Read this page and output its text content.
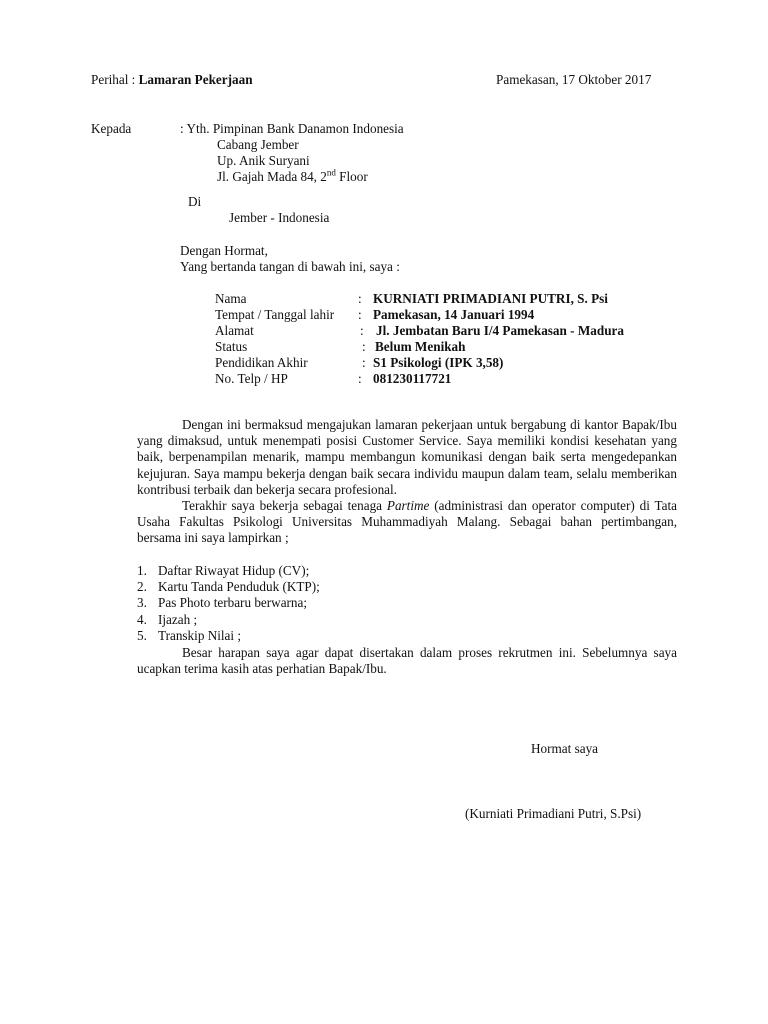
Perihal : Lamaran Pekerjaan	Pamekasan, 17 Oktober 2017
Kepada	: Yth. Pimpinan Bank Danamon Indonesia
Cabang Jember
Up. Anik Suryani
Jl. Gajah Mada 84, 2nd Floor
Di
Jember - Indonesia
Dengan Hormat,
Yang bertanda tangan di bawah ini, saya :
Nama	: KURNIATI PRIMADIANI PUTRI, S. Psi
Tempat / Tanggal lahir : Pamekasan, 14 Januari 1994
Alamat	: Jl. Jembatan Baru I/4 Pamekasan - Madura
Status	: Belum Menikah
Pendidikan Akhir	: S1 Psikologi (IPK 3,58)
No. Telp / HP	: 081230117721

Dengan ini bermaksud mengajukan lamaran pekerjaan untuk bergabung di kantor Bapak/Ibu yang dimaksud, untuk menempati posisi Customer Service. Saya memiliki kondisi kesehatan yang baik, berpenampilan menarik, mampu membangun komunikasi dengan baik serta mengedepankan kejujuran. Saya mampu bekerja dengan baik secara individu maupun dalam team, selalu memberikan kontribusi terbaik dan bekerja secara profesional.

Terakhir saya bekerja sebagai tenaga Partime (administrasi dan operator computer) di Tata Usaha Fakultas Psikologi Universitas Muhammadiyah Malang. Sebagai bahan pertimbangan, bersama ini saya lampirkan ;

1. Daftar Riwayat Hidup (CV);
2. Kartu Tanda Penduduk (KTP);
3. Pas Photo terbaru berwarna;
4. Ijazah ;
5. Transkip Nilai ;

Besar harapan saya agar dapat disertakan dalam proses rekrutmen ini. Sebelumnya saya ucapkan terima kasih atas perhatian Bapak/Ibu.

Hormat saya
(Kurniati Primadiani Putri, S.Psi)
